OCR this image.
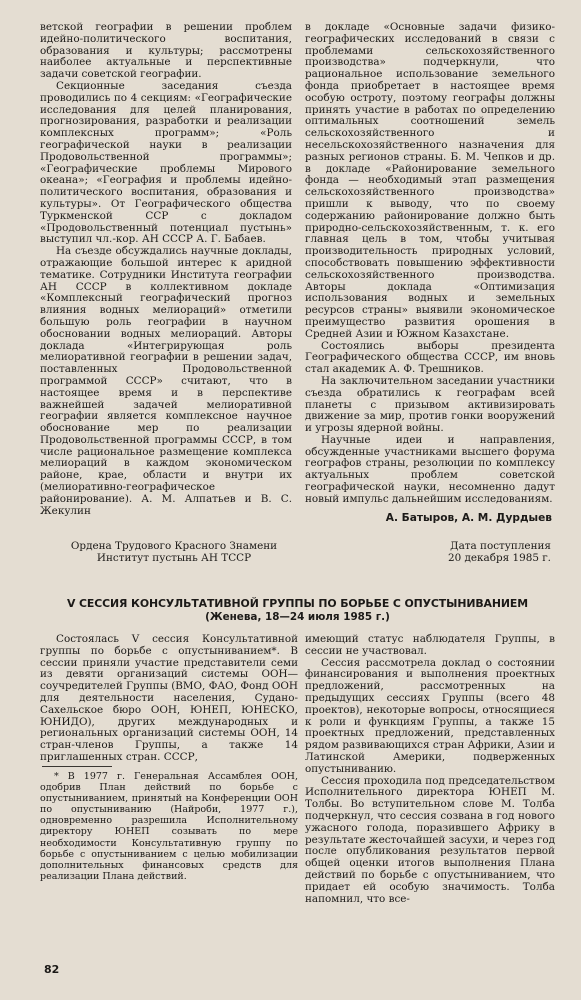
ветской географии в решении проблем идейно-политического воспитания, образования и культуры; рассмотрены наиболее актуальные и перспективные задачи советской географии.

Секционные заседания съезда проводились по 4 секциям: «Географические исследования для целей планирования, прогнозирования, разработки и реализации комплексных программ»; «Роль географической науки в реализации Продовольственной программы»; «Географические проблемы Мирового океана»; «География и проблемы идейно-политического воспитания, образования и культуры». От Географического общества Туркменской ССР с докладом «Продовольственный потенциал пустынь» выступил чл.-кор. АН СССР А. Г. Бабаев.

На съезде обсуждались научные доклады, отражающие большой интерес к аридной тематике. Сотрудники Института географии АН СССР в коллективном докладе «Комплексный географический прогноз влияния водных мелиораций» отметили большую роль географии в научном обосновании водных мелиораций. Авторы доклада «Интегрирующая роль мелиоративной географии в решении задач, поставленных Продовольственной программой СССР» считают, что в настоящее время и в перспективе важнейшей задачей мелиоративной географии является комплексное научное обоснование мер по реализации Продовольственной программы СССР, в том числе рациональное размещение комплекса мелиораций в каждом экономическом районе, крае, области и внутри их (мелиоративно-географическое районирование). А. М. Алпатьев и В. С. Жекулин

в докладе «Основные задачи физико-географических исследований в связи с проблемами сельскохозяйственного производства» подчеркнули, что рациональное использование земельного фонда приобретает в настоящее время особую остроту, поэтому географы должны принять участие в работах по определению оптимальных соотношений земель сельскохозяйственного и несельскохозяйственного назначения для разных регионов страны. Б. М. Чепков и др. в докладе «Районирование земельного фонда — необходимый этап размещения сельскохозяйственного производства» пришли к выводу, что по своему содержанию районирование должно быть природно-сельскохозяйственным, т. к. его главная цель в том, чтобы учитывая производительность природных условий, способствовать повышению эффективности сельскохозяйственного производства. Авторы доклада «Оптимизация использования водных и земельных ресурсов страны» выявили экономическое преимущество развития орошения в Средней Азии и Южном Казахстане.

Состоялись выборы президента Географического общества СССР, им вновь стал академик А. Ф. Трешников.

На заключительном заседании участники съезда обратились к географам всей планеты с призывом активизировать движение за мир, против гонки вооружений и угрозы ядерной войны.

Научные идеи и направления, обсужденные участниками высшего форума географов страны, резолюции по комплексу актуальных проблем советской географической науки, несомненно дадут новый импульс дальнейшим исследованиям.

А. Батыров, А. М. Дурдыев
Ордена Трудового Красного Знамени
Институт пустынь АН ТССР
Дата поступления
20 декабря 1985 г.
V СЕССИЯ КОНСУЛЬТАТИВНОЙ ГРУППЫ ПО БОРЬБЕ С ОПУСТЫНИВАНИЕМ
(Женева, 18—24 июля 1985 г.)

Состоялась V сессия Консультативной группы по борьбе с опустыниванием*. В сессии приняли участие представители семи из девяти организаций системы ООН— соучредителей Группы (ВМО, ФАО, Фонд ООН для деятельности населения, Судано-Сахельское бюро ООН, ЮНЕП, ЮНЕСКО, ЮНИДО), других международных и региональных организаций системы ООН, 14 стран-членов Группы, а также 14 приглашенных стран. СССР,

* В 1977 г. Генеральная Ассамблея ООН, одобрив План действий по борьбе с опустыниванием, принятый на Конференции ООН по опустыниванию (Найроби, 1977 г.), одновременно разрешила Исполнительному директору ЮНЕП созывать по мере необходимости Консультативную группу по борьбе с опустыниванием с целью мобилизации дополнительных финансовых средств для реализации Плана действий.

имеющий статус наблюдателя Группы, в сессии не участвовал.

Сессия рассмотрела доклад о состоянии финансирования и выполнения проектных предложений, рассмотренных на предыдущих сессиях Группы (всего 48 проектов), некоторые вопросы, относящиеся к роли и функциям Группы, а также 15 проектных предложений, представленных рядом развивающихся стран Африки, Азии и Латинской Америки, подверженных опустыниванию.

Сессия проходила под председательством Исполнительного директора ЮНЕП М. Толбы. Во вступительном слове М. Толба подчеркнул, что сессия созвана в год нового ужасного голода, поразившего Африку в результате жесточайшей засухи, и через год после опубликования результатов первой общей оценки итогов выполнения Плана действий по борьбе с опустыниванием, что придает ей особую значимость. Толба напомнил, что все-

82
